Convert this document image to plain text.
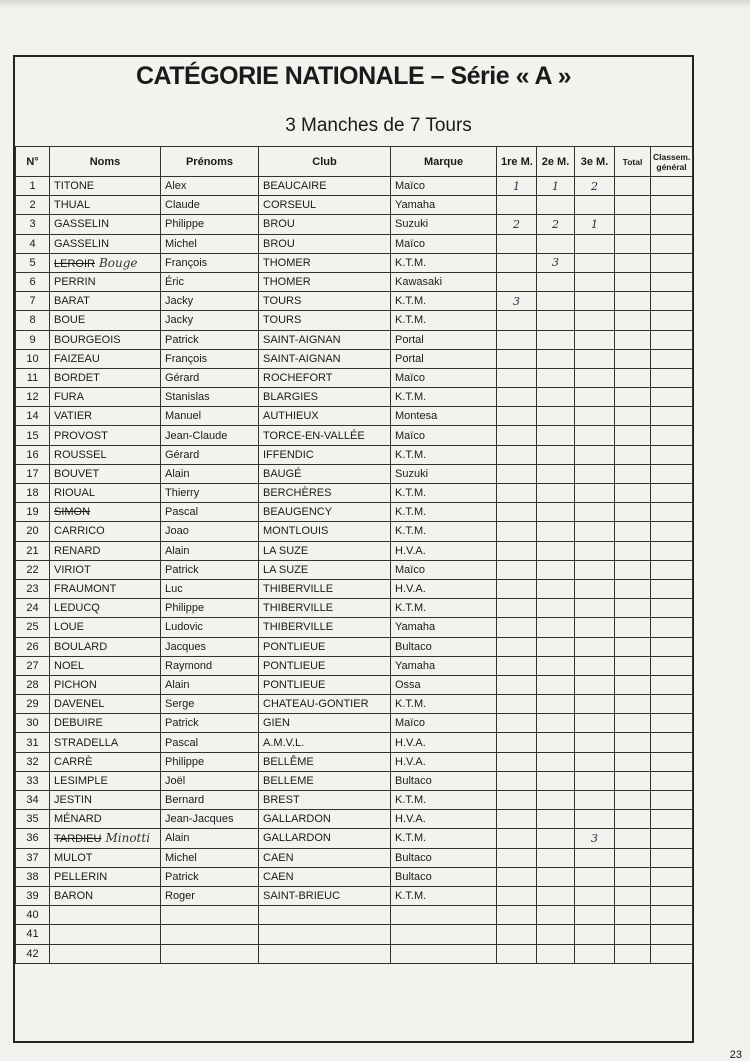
CATÉGORIE NATIONALE – Série « A »
3 Manches de 7 Tours
N°	Noms	Prénoms	Club	Marque	1re M.	2e M.	3e M.	Total	Classem. général
1	TITONE	Alex	BEAUCAIRE	Maïco	1	1	2		
2	THUAL	Claude	CORSEUL	Yamaha					
3	GASSELIN	Philippe	BROU	Suzuki	2	2	1		
4	GASSELIN	Michel	BROU	Maïco					
5	LEROIR Bouge	François	THOMER	K.T.M.		3			
6	PERRIN	Éric	THOMER	Kawasaki					
7	BARAT	Jacky	TOURS	K.T.M.	3				
8	BOUE	Jacky	TOURS	K.T.M.					
9	BOURGEOIS	Patrick	SAINT-AIGNAN	Portal					
10	FAIZEAU	François	SAINT-AIGNAN	Portal					
11	BORDET	Gérard	ROCHEFORT	Maïco					
12	FURA	Stanislas	BLARGIES	K.T.M.					
14	VATIER	Manuel	AUTHIEUX	Montesa					
15	PROVOST	Jean-Claude	TORCE-EN-VALLÉE	Maïco					
16	ROUSSEL	Gérard	IFFENDIC	K.T.M.					
17	BOUVET	Alain	BAUGÉ	Suzuki					
18	RIOUAL	Thierry	BERCHÈRES	K.T.M.					
19	SIMON	Pascal	BEAUGENCY	K.T.M.					
20	CARRICO	Joao	MONTLOUIS	K.T.M.					
21	RENARD	Alain	LA SUZE	H.V.A.					
22	VIRIOT	Patrick	LA SUZE	Maïco					
23	FRAUMONT	Luc	THIBERVILLE	H.V.A.					
24	LEDUCQ	Philippe	THIBERVILLE	K.T.M.					
25	LOUE	Ludovic	THIBERVILLE	Yamaha					
26	BOULARD	Jacques	PONTLIEUE	Bultaco					
27	NOEL	Raymond	PONTLIEUE	Yamaha					
28	PICHON	Alain	PONTLIEUE	Ossa					
29	DAVENEL	Serge	CHATEAU-GONTIER	K.T.M.					
30	DEBUIRE	Patrick	GIEN	Maïco					
31	STRADELLA	Pascal	A.M.V.L.	H.V.A.					
32	CARRÈ	Philippe	BELLÊME	H.V.A.					
33	LESIMPLE	Joël	BELLEME	Bultaco					
34	JESTIN	Bernard	BREST	K.T.M.					
35	MÉNARD	Jean-Jacques	GALLARDON	H.V.A.					
36	TARDIEU Minotti	Alain	GALLARDON	K.T.M.			3		
37	MULOT	Michel	CAEN	Bultaco					
38	PELLERIN	Patrick	CAEN	Bultaco					
39	BARON	Roger	SAINT-BRIEUC	K.T.M.					
40									
41									
42									
23
